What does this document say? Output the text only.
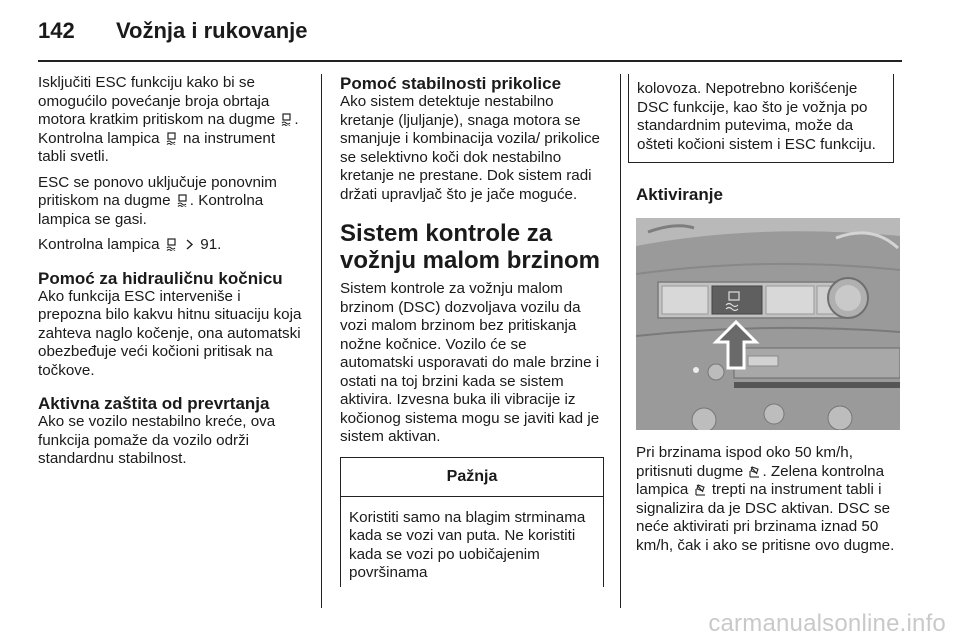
142	Vožnja i rukovanje

Isključiti ESC funkciju kako bi se omogućilo povećanje broja obrtaja motora kratkim pritiskom na dugme . Kontrolna lampica na instrument tabli svetli.

ESC se ponovo uključuje ponovnim pritiskom na dugme . Kontrolna lampica se gasi.

Kontrolna lampica
	91.

Pomoć za hidrauličnu kočnicu

Ako funkcija ESC interveniše i prepozna bilo kakvu hitnu situaciju koja zahteva naglo kočenje, ona automatski obezbeđuje veći kočioni pritisak na točkove.

Aktivna zaštita od prevrtanja

Ako se vozilo nestabilno kreće, ova funkcija pomaže da vozilo održi standardnu stabilnost.

Pomoć stabilnosti prikolice

Ako sistem detektuje nestabilno kretanje (ljuljanje), snaga motora se smanjuje i kombinacija vozila/ prikolice se selektivno koči dok nestabilno kretanje ne prestane. Dok sistem radi držati upravljač što je jače moguće.

Sistem kontrole za vožnju malom brzinom

Sistem kontrole za vožnju malom brzinom (DSC) dozvoljava vozilu da vozi malom brzinom bez pritiskanja nožne kočnice. Vozilo će se automatski usporavati do male brzine i ostati na toj brzini kada se sistem aktivira. Izvesna buka ili vibracije iz kočionog sistema mogu se javiti kad je sistem aktivan.

Pažnja
Koristiti samo na blagim strminama kada se vozi van puta. Ne koristiti kada se vozi po uobičajenim površinama
kolovoza. Nepotrebno korišćenje DSC funkcije, kao što je vožnja po standardnim putevima, može da ošteti kočioni sistem i ESC funkciju.
Aktiviranje

Pri brzinama ispod oko 50 km/h, pritisnuti dugme . Zelena kontrolna lampica trepti na instrument tabli i signalizira da je DSC aktivan. DSC se neće aktivirati pri brzinama iznad 50 km/h, čak i ako se pritisne ovo dugme.

carmanualsonline.info
